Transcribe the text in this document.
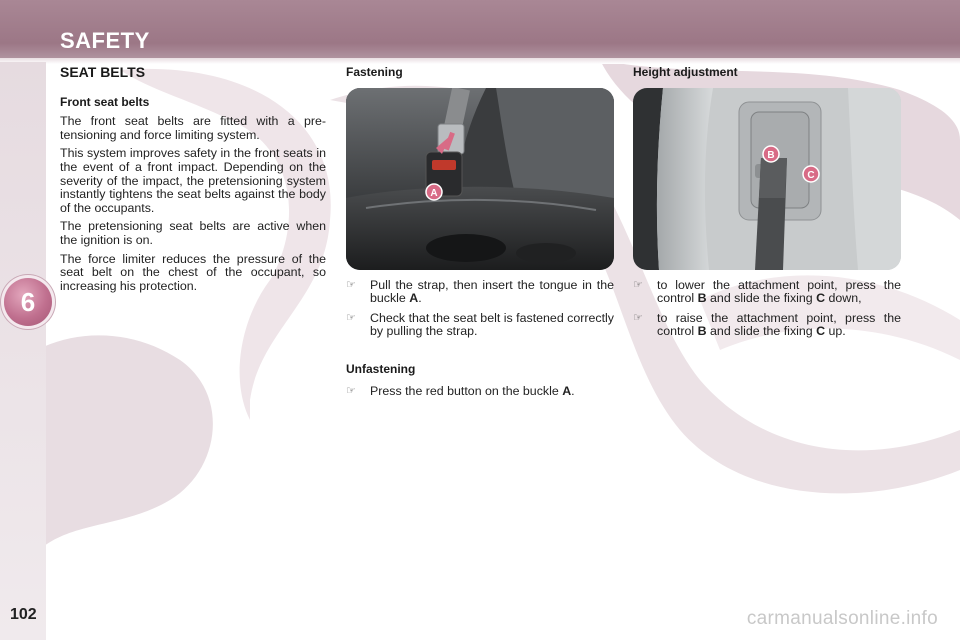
SAFETY
6
102
SEAT BELTS
Front seat belts

The front seat belts are fitted with a pre-tensioning and force limiting system.

This system improves safety in the front seats in the event of a front impact. Depending on the severity of the impact, the pretensioning system instantly tightens the seat belts against the body of the occupants.

The pretensioning seat belts are active when the ignition is on.

The force limiter reduces the pressure of the seat belt on the chest of the occupant, so increasing his protection.

Fastening
A
☞ Pull the strap, then insert the tongue in the buckle A.
☞ Check that the seat belt is fastened correctly by pulling the strap.
Unfastening
☞ Press the red button on the buckle A.
Height adjustment
B
C
☞ to lower the attachment point, press the control B and slide the fixing C down,
☞ to raise the attachment point, press the control B and slide the fixing C up.
carmanualsonline.info
